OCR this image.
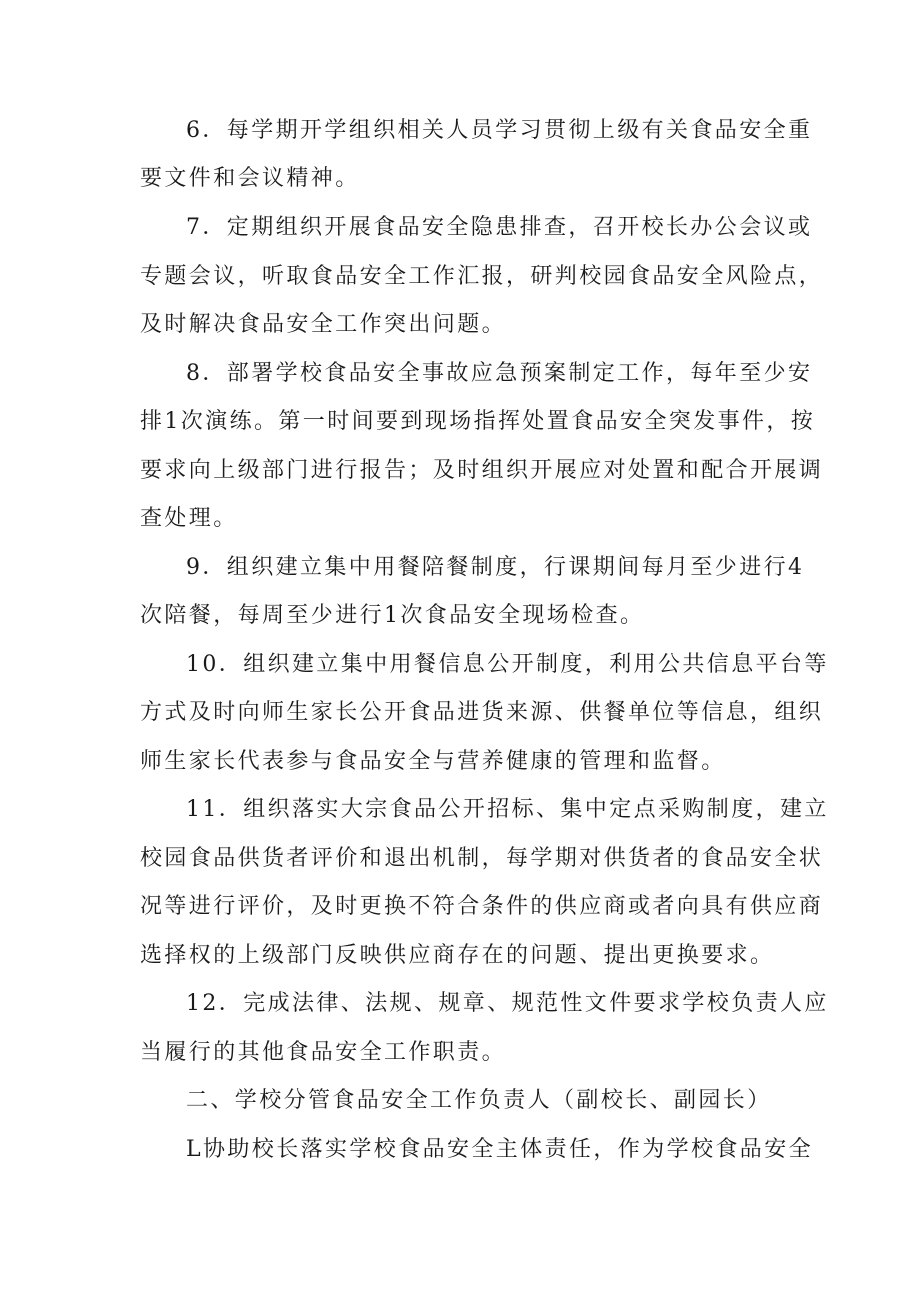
6．每学期开学组织相关人员学习贯彻上级有关食品安全重
要文件和会议精神。
7．定期组织开展食品安全隐患排查，召开校长办公会议或
专题会议，听取食品安全工作汇报，研判校园食品安全风险点，
及时解决食品安全工作突出问题。
8．部署学校食品安全事故应急预案制定工作，每年至少安
排1次演练。第一时间要到现场指挥处置食品安全突发事件，按
要求向上级部门进行报告；及时组织开展应对处置和配合开展调
查处理。
9．组织建立集中用餐陪餐制度，行课期间每月至少进行4
次陪餐，每周至少进行1次食品安全现场检查。
10．组织建立集中用餐信息公开制度，利用公共信息平台等
方式及时向师生家长公开食品进货来源、供餐单位等信息，组织
师生家长代表参与食品安全与营养健康的管理和监督。
11．组织落实大宗食品公开招标、集中定点采购制度，建立
校园食品供货者评价和退出机制，每学期对供货者的食品安全状
况等进行评价，及时更换不符合条件的供应商或者向具有供应商
选择权的上级部门反映供应商存在的问题、提出更换要求。
12．完成法律、法规、规章、规范性文件要求学校负责人应
当履行的其他食品安全工作职责。
二、学校分管食品安全工作负责人（副校长、副园长）
L协助校长落实学校食品安全主体责任，作为学校食品安全
